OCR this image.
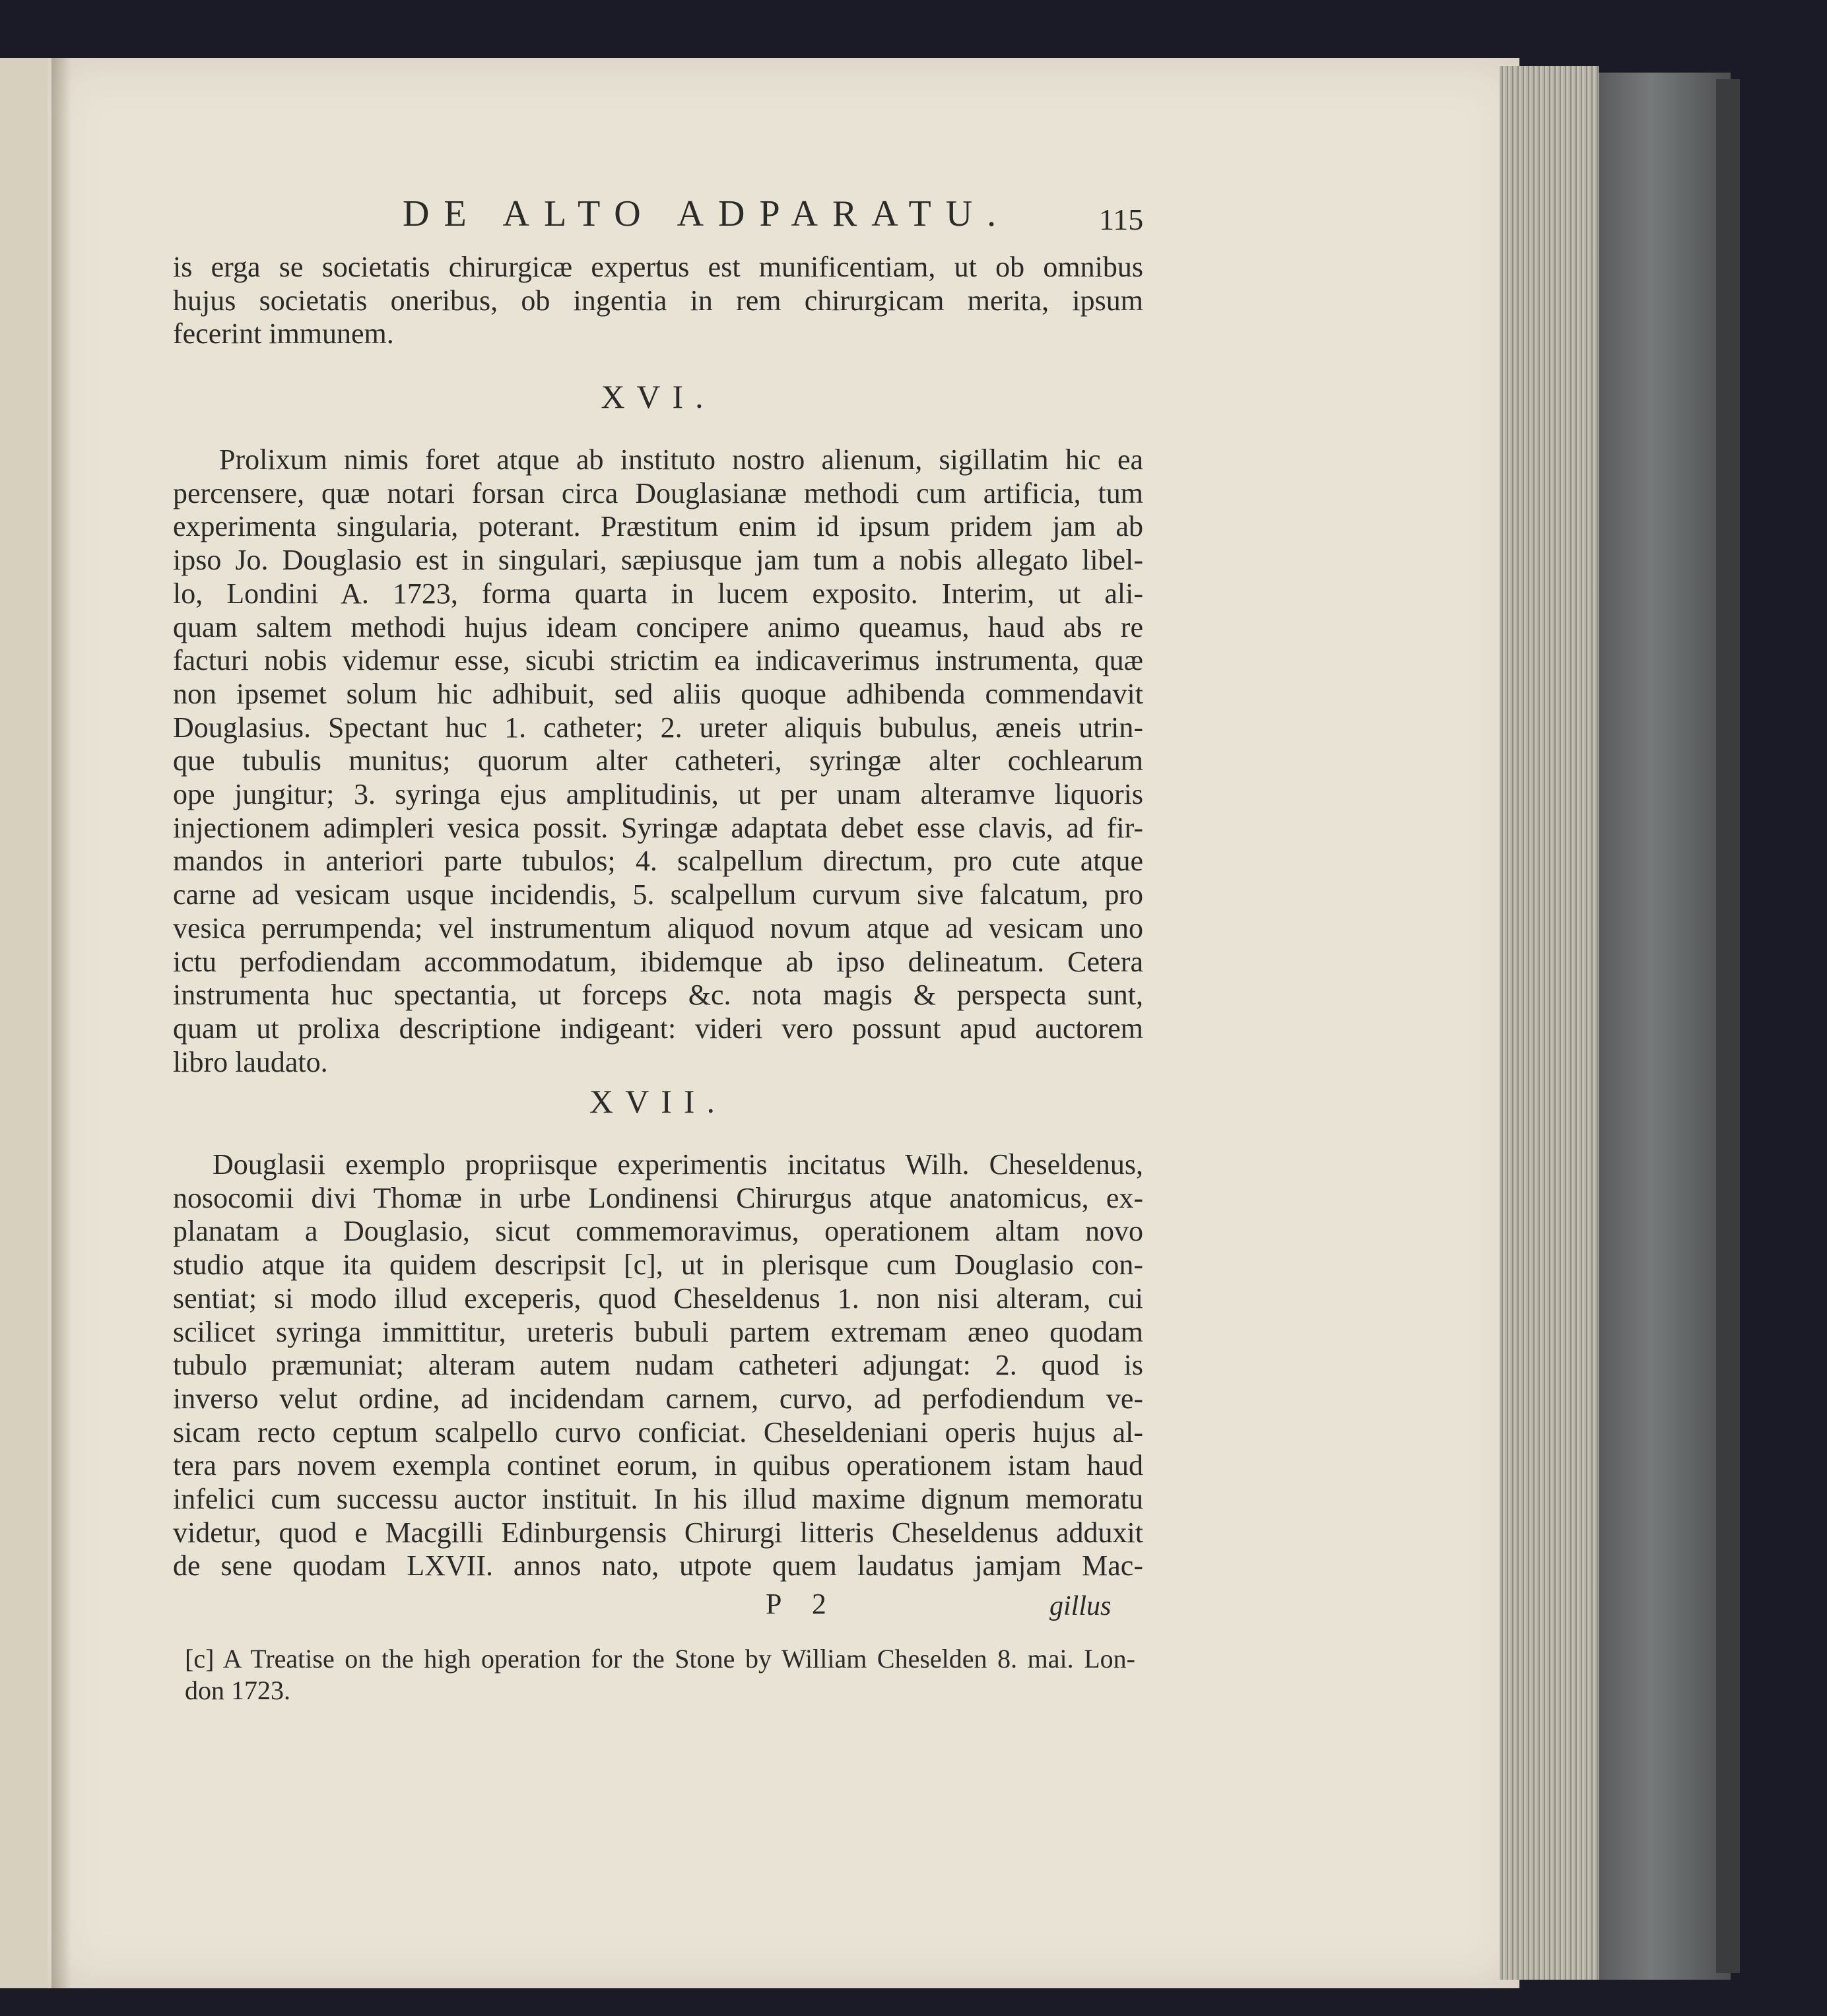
DE ALTO ADPARATU.	115
is erga se societatis chirurgicæ expertus est munificentiam, ut ob omnibus
hujus societatis oneribus, ob ingentia in rem chirurgicam merita, ipsum
fecerint immunem.
XVI.
Prolixum nimis foret atque ab instituto nostro alienum, sigillatim hic ea
percensere, quæ notari forsan circa Douglasianæ methodi cum artificia, tum
experimenta singularia, poterant. Præstitum enim id ipsum pridem jam ab
ipso Jo. Douglasio est in singulari, sæpiusque jam tum a nobis allegato libel-
lo, Londini A. 1723, forma quarta in lucem exposito. Interim, ut ali-
quam saltem methodi hujus ideam concipere animo queamus, haud abs re
facturi nobis videmur esse, sicubi strictim ea indicaverimus instrumenta, quæ
non ipsemet solum hic adhibuit, sed aliis quoque adhibenda commendavit
Douglasius. Spectant huc 1. catheter; 2. ureter aliquis bubulus, æneis utrin-
que tubulis munitus; quorum alter catheteri, syringæ alter cochlearum
ope jungitur; 3. syringa ejus amplitudinis, ut per unam alteramve liquoris
injectionem adimpleri vesica possit. Syringæ adaptata debet esse clavis, ad fir-
mandos in anteriori parte tubulos; 4. scalpellum directum, pro cute atque
carne ad vesicam usque incidendis, 5. scalpellum curvum sive falcatum, pro
vesica perrumpenda; vel instrumentum aliquod novum atque ad vesicam uno
ictu perfodiendam accommodatum, ibidemque ab ipso delineatum. Cetera
instrumenta huc spectantia, ut forceps &c. nota magis & perspecta sunt,
quam ut prolixa descriptione indigeant: videri vero possunt apud auctorem
libro laudato.
XVII.
Douglasii exemplo propriisque experimentis incitatus Wilh. Cheseldenus,
nosocomii divi Thomæ in urbe Londinensi Chirurgus atque anatomicus, ex-
planatam a Douglasio, sicut commemoravimus, operationem altam novo
studio atque ita quidem descripsit [c], ut in plerisque cum Douglasio con-
sentiat; si modo illud exceperis, quod Cheseldenus 1. non nisi alteram, cui
scilicet syringa immittitur, ureteris bubuli partem extremam æneo quodam
tubulo præmuniat; alteram autem nudam catheteri adjungat: 2. quod is
inverso velut ordine, ad incidendam carnem, curvo, ad perfodiendum ve-
sicam recto ceptum scalpello curvo conficiat. Cheseldeniani operis hujus al-
tera pars novem exempla continet eorum, in quibus operationem istam haud
infelici cum successu auctor instituit. In his illud maxime dignum memoratu
videtur, quod e Macgilli Edinburgensis Chirurgi litteris Cheseldenus adduxit
de sene quodam LXVII. annos nato, utpote quem laudatus jamjam Mac-
P 2	gillus
[c] A Treatise on the high operation for the Stone by William Cheselden 8. mai. Lon-
don 1723.
